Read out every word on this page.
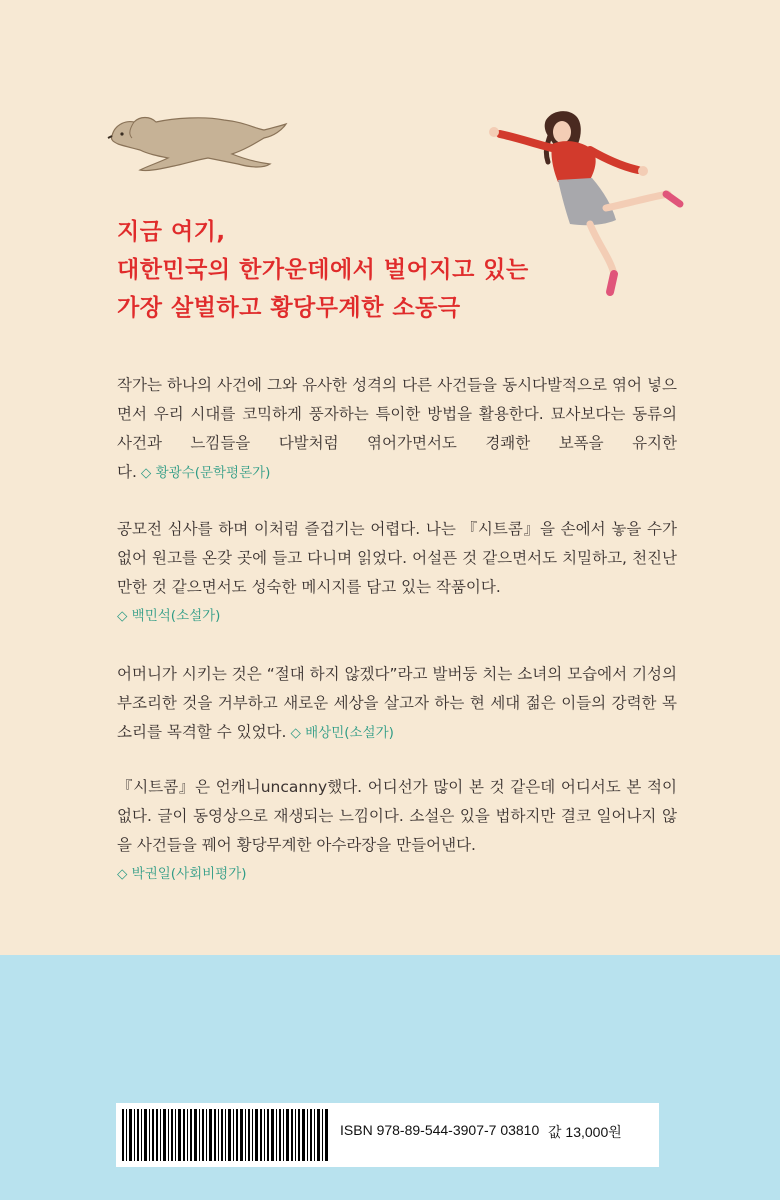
지금 여기,
대한민국의 한가운데에서 벌어지고 있는
가장 살벌하고 황당무계한 소동극
작가는 하나의 사건에 그와 유사한 성격의 다른 사건들을 동시다발적으로 엮어 넣으면서 우리 시대를 코믹하게 풍자하는 특이한 방법을 활용한다. 묘사보다는 동류의 사건과 느낌들을 다발처럼 엮어가면서도 경쾌한 보폭을 유지한다. ◇ 황광수(문학평론가)
공모전 심사를 하며 이처럼 즐겁기는 어렵다. 나는 『시트콤』을 손에서 놓을 수가 없어 원고를 온갖 곳에 들고 다니며 읽었다. 어설픈 것 같으면서도 치밀하고, 천진난만한 것 같으면서도 성숙한 메시지를 담고 있는 작품이다.
◇ 백민석(소설가)
어머니가 시키는 것은 “절대 하지 않겠다”라고 발버둥 치는 소녀의 모습에서 기성의 부조리한 것을 거부하고 새로운 세상을 살고자 하는 현 세대 젊은 이들의 강력한 목소리를 목격할 수 있었다. ◇ 배상민(소설가)
『시트콤』은 언캐니uncanny했다. 어디선가 많이 본 것 같은데 어디서도 본 적이 없다. 글이 동영상으로 재생되는 느낌이다. 소설은 있을 법하지만 결코 일어나지 않을 사건들을 꿰어 황당무계한 아수라장을 만들어낸다.
◇ 박권일(사회비평가)
ISBN 978-89-544-3907-7 03810 값 13,000원
